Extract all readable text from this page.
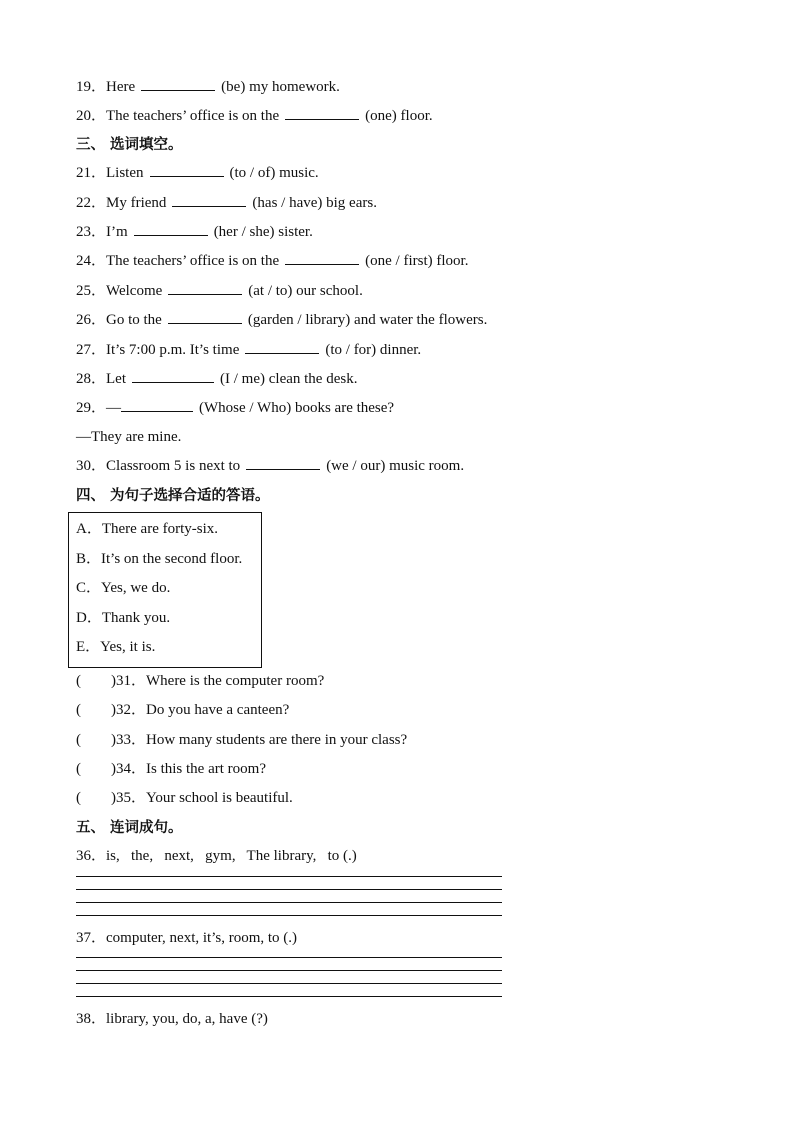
19．Here	(be) my homework.
20．The teachers’ office is on the	(one) floor.
三、 选词填空。
21．Listen	(to / of) music.
22．My friend	(has / have) big ears.
23．I’m	(her / she) sister.
24．The teachers’ office is on the	(one / first) floor.
25．Welcome	(at / to) our school.
26．Go to the	(garden / library) and water the flowers.
27．It’s 7:00 p.m. It’s time	(to / for) dinner.
28．Let	(I / me) clean the desk.
29．—	(Whose / Who) books are these?
—They are mine.
30．Classroom 5 is next to	(we / our) music room.
四、 为句子选择合适的答语。
A．There are forty-six.
B．It’s on the second floor.
C．Yes, we do.
D．Thank you.
E．Yes, it is.
(        )31．Where is the computer room?
(        )32．Do you have a canteen?
(        )33．How many students are there in your class?
(        )34．Is this the art room?
(        )35．Your school is beautiful.
五、 连词成句。
36．is,   the,   next,   gym,   The library,   to (.)
37．computer, next, it’s, room, to (.)
38．library, you, do, a, have (?)
